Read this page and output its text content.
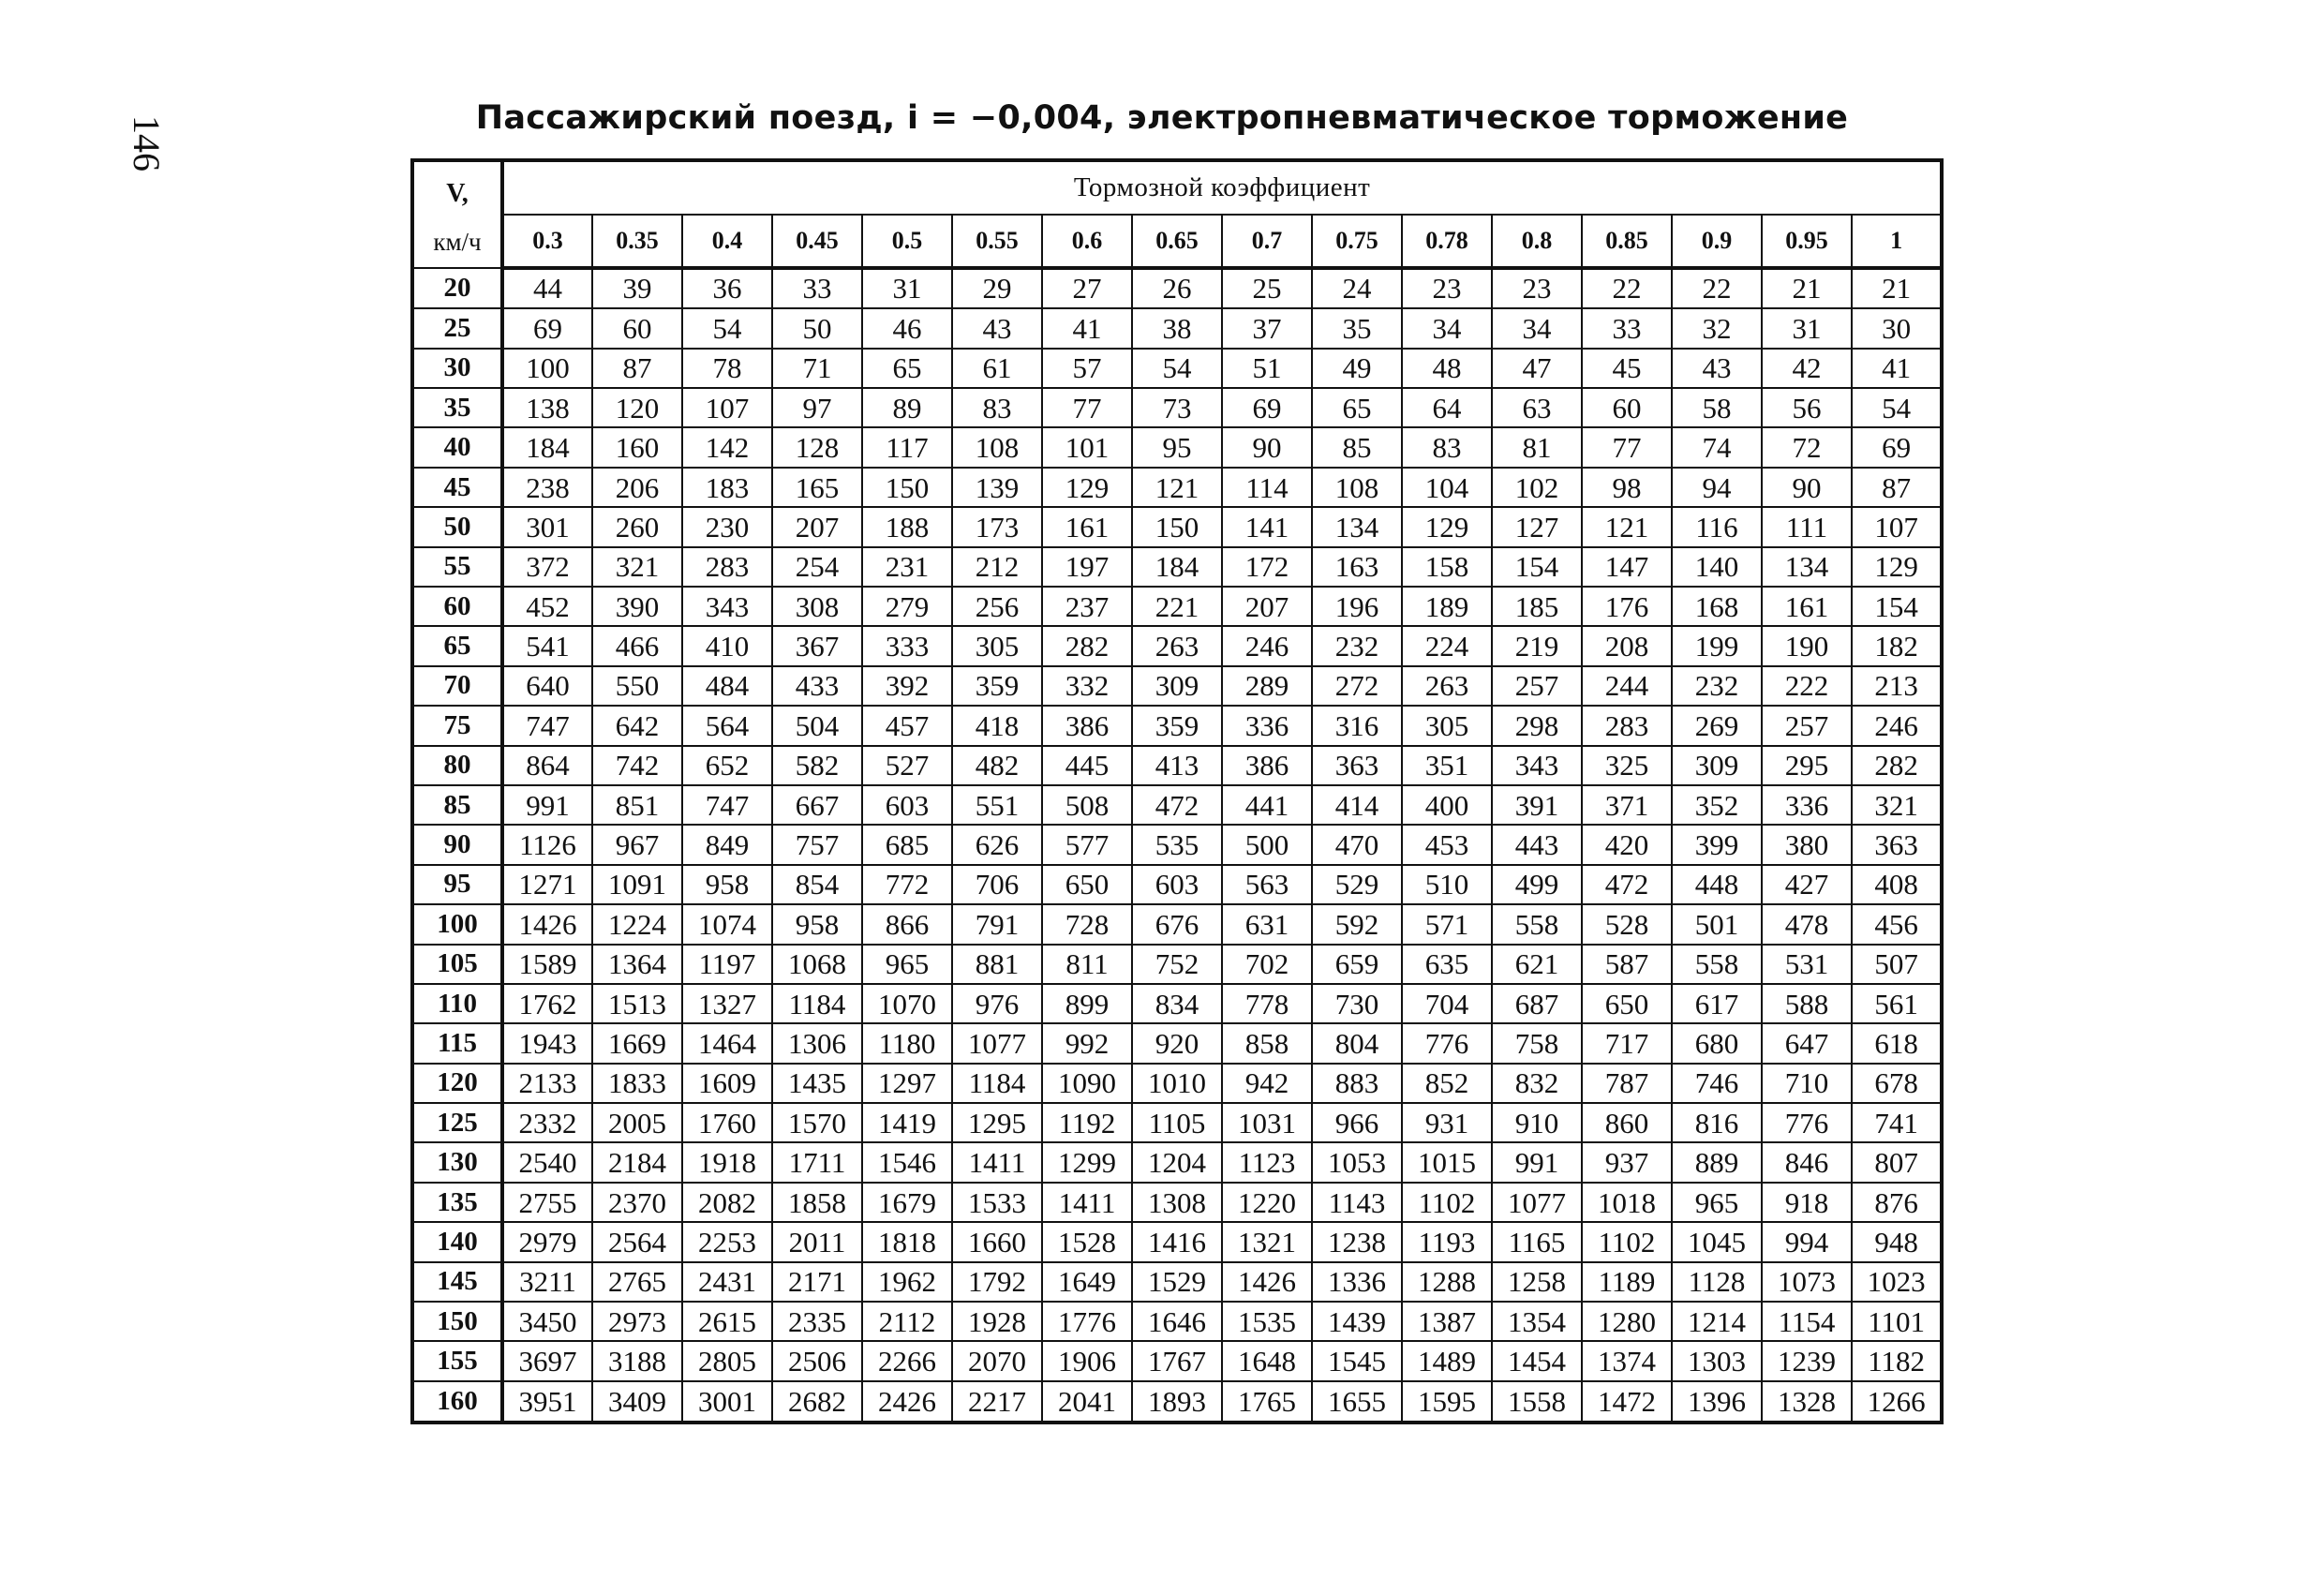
146	Пассажирский поезд, i = −0,004, электропневматическое торможение
V,
км/ч	Тормозной коэффициент															
	0.3	0.35	0.4	0.45	0.5	0.55	0.6	0.65	0.7	0.75	0.78	0.8	0.85	0.9	0.95	1
20	44	39	36	33	31	29	27	26	25	24	23	23	22	22	21	21
25	69	60	54	50	46	43	41	38	37	35	34	34	33	32	31	30
30	100	87	78	71	65	61	57	54	51	49	48	47	45	43	42	41
35	138	120	107	97	89	83	77	73	69	65	64	63	60	58	56	54
40	184	160	142	128	117	108	101	95	90	85	83	81	77	74	72	69
45	238	206	183	165	150	139	129	121	114	108	104	102	98	94	90	87
50	301	260	230	207	188	173	161	150	141	134	129	127	121	116	111	107
55	372	321	283	254	231	212	197	184	172	163	158	154	147	140	134	129
60	452	390	343	308	279	256	237	221	207	196	189	185	176	168	161	154
65	541	466	410	367	333	305	282	263	246	232	224	219	208	199	190	182
70	640	550	484	433	392	359	332	309	289	272	263	257	244	232	222	213
75	747	642	564	504	457	418	386	359	336	316	305	298	283	269	257	246
80	864	742	652	582	527	482	445	413	386	363	351	343	325	309	295	282
85	991	851	747	667	603	551	508	472	441	414	400	391	371	352	336	321
90	1126	967	849	757	685	626	577	535	500	470	453	443	420	399	380	363
95	1271	1091	958	854	772	706	650	603	563	529	510	499	472	448	427	408
100	1426	1224	1074	958	866	791	728	676	631	592	571	558	528	501	478	456
105	1589	1364	1197	1068	965	881	811	752	702	659	635	621	587	558	531	507
110	1762	1513	1327	1184	1070	976	899	834	778	730	704	687	650	617	588	561
115	1943	1669	1464	1306	1180	1077	992	920	858	804	776	758	717	680	647	618
120	2133	1833	1609	1435	1297	1184	1090	1010	942	883	852	832	787	746	710	678
125	2332	2005	1760	1570	1419	1295	1192	1105	1031	966	931	910	860	816	776	741
130	2540	2184	1918	1711	1546	1411	1299	1204	1123	1053	1015	991	937	889	846	807
135	2755	2370	2082	1858	1679	1533	1411	1308	1220	1143	1102	1077	1018	965	918	876
140	2979	2564	2253	2011	1818	1660	1528	1416	1321	1238	1193	1165	1102	1045	994	948
145	3211	2765	2431	2171	1962	1792	1649	1529	1426	1336	1288	1258	1189	1128	1073	1023
150	3450	2973	2615	2335	2112	1928	1776	1646	1535	1439	1387	1354	1280	1214	1154	1101
155	3697	3188	2805	2506	2266	2070	1906	1767	1648	1545	1489	1454	1374	1303	1239	1182
160	3951	3409	3001	2682	2426	2217	2041	1893	1765	1655	1595	1558	1472	1396	1328	1266
